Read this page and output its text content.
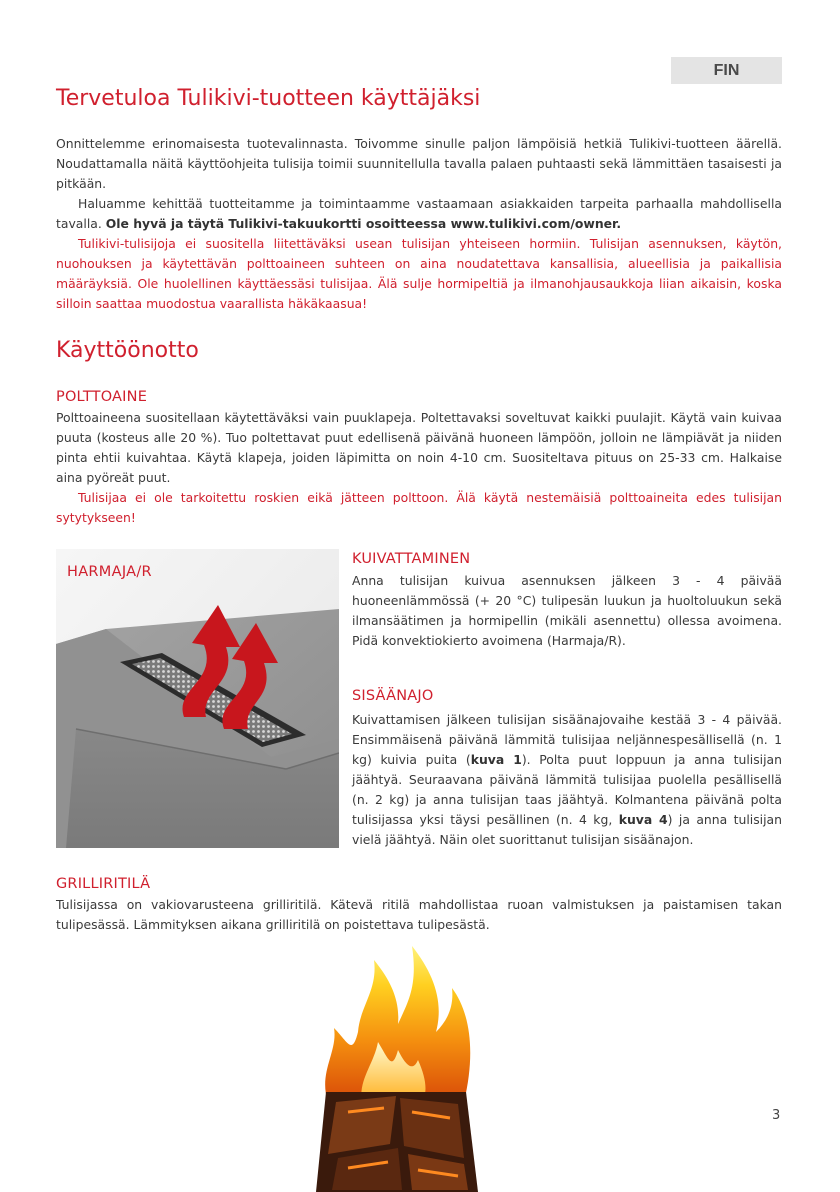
FIN
Tervetuloa Tulikivi-tuotteen käyttäjäksi

Onnittelemme erinomaisesta tuotevalinnasta. Toivomme sinulle paljon lämpöisiä hetkiä Tulikivi-tuotteen äärellä. Noudattamalla näitä käyttöohjeita tulisija toimii suunnitellulla tavalla palaen puhtaasti sekä lämmittäen tasaisesti ja pitkään.

Haluamme kehittää tuotteitamme ja toimintaamme vastaamaan asiakkaiden tarpeita parhaalla mahdollisella tavalla. Ole hyvä ja täytä Tulikivi-takuukortti osoitteessa www.tulikivi.com/owner.

Tulikivi-tulisijoja ei suositella liitettäväksi usean tulisijan yhteiseen hormiin. Tulisijan asennuksen, käytön, nuohouksen ja käytettävän polttoaineen suhteen on aina noudatettava kansallisia, alueellisia ja paikallisia määräyksiä. Ole huolellinen käyttäessäsi tulisijaa. Älä sulje hormipeltiä ja ilmanohjausaukkoja liian aikaisin, koska silloin saattaa muodostua vaarallista häkäkaasua!

Käyttöönotto
POLTTOAINE

Polttoaineena suositellaan käytettäväksi vain puuklapeja. Poltettavaksi soveltuvat kaikki puulajit. Käytä vain kuivaa puuta (kosteus alle 20 %). Tuo poltettavat puut edellisenä päivänä huoneen lämpöön, jolloin ne lämpiävät ja niiden pinta ehtii kuivahtaa. Käytä klapeja, joiden läpimitta on noin 4-10 cm. Suositeltava pituus on 25-33 cm. Halkaise aina pyöreät puut.

Tulisijaa ei ole tarkoitettu roskien eikä jätteen polttoon. Älä käytä nestemäisiä polttoaineita edes tulisijan sytytykseen!

HARMAJA/R
KUIVATTAMINEN

Anna tulisijan kuivua asennuksen jälkeen 3 - 4 päivää huoneenlämmössä (+ 20 °C) tulipesän luukun ja huoltoluukun sekä ilmansäätimen ja hormipellin (mikäli asennettu) ollessa avoimena. Pidä konvektiokierto avoimena (Harmaja/R).

SISÄÄNAJO

Kuivattamisen jälkeen tulisijan sisäänajovaihe kestää 3 - 4 päivää. Ensimmäisenä päivänä lämmitä tulisijaa neljännespesällisellä (n. 1 kg) kuivia puita (kuva 1). Polta puut loppuun ja anna tulisijan jäähtyä. Seuraavana päivänä lämmitä tulisijaa puolella pesällisellä (n. 2 kg) ja anna tulisijan taas jäähtyä. Kolmantena päivänä polta tulisijassa yksi täysi pesällinen (n. 4 kg, kuva 4) ja anna tulisijan vielä jäähtyä. Näin olet suorittanut tulisijan sisäänajon.

GRILLIRITILÄ

Tulisijassa on vakiovarusteena grilliritilä. Kätevä ritilä mahdollistaa ruoan valmistuksen ja paistamisen takan tulipesässä. Lämmityksen aikana grilliritilä on poistettava tulipesästä.

3
